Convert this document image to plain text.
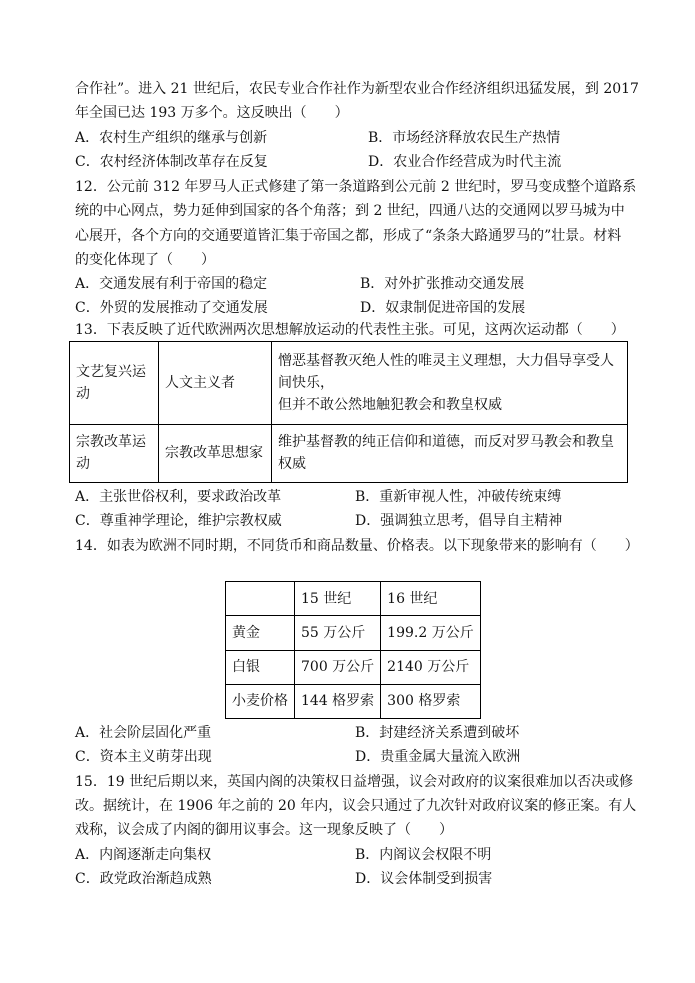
合作社”。进入 21 世纪后，农民专业合作社作为新型农业合作经济组织迅猛发展，到 2017
年全国已达 193 万多个。这反映出（　　）
A．农村生产组织的继承与创新	B．市场经济释放农民生产热情
C．农村经济体制改革存在反复	D．农业合作经营成为时代主流
12．公元前 312 年罗马人正式修建了第一条道路到公元前 2 世纪时，罗马变成整个道路系
统的中心网点，势力延伸到国家的各个角落；到 2 世纪，四通八达的交通网以罗马城为中
心展开，各个方向的交通要道皆汇集于帝国之都，形成了“条条大路通罗马的”壮景。材料
的变化体现了（　　）
A．交通发展有利于帝国的稳定	B．对外扩张推动交通发展
C．外贸的发展推动了交通发展	D．奴隶制促进帝国的发展
13．下表反映了近代欧洲两次思想解放运动的代表性主张。可见，这两次运动都（　　）
文艺复兴运动	人文主义者	憎恶基督教灭绝人性的唯灵主义理想，大力倡导享受人间快乐，
但并不敢公然地触犯教会和教皇权威

宗教改革运动	宗教改革思想家	维护基督教的纯正信仰和道德，而反对罗马教会和教皇权威
A．主张世俗权利，要求政治改革	B．重新审视人性，冲破传统束缚
C．尊重神学理论，维护宗教权威	D．强调独立思考，倡导自主精神
14．如表为欧洲不同时期，不同货币和商品数量、价格表。以下现象带来的影响有（　　）
	15 世纪	16 世纪
黄金	55 万公斤	199.2 万公斤
白银	700 万公斤	2140 万公斤
小麦价格	144 格罗索	300 格罗索
A．社会阶层固化严重	B．封建经济关系遭到破坏
C．资本主义萌芽出现	D．贵重金属大量流入欧洲
15．19 世纪后期以来，英国内阁的决策权日益增强，议会对政府的议案很难加以否决或修
改。据统计，在 1906 年之前的 20 年内，议会只通过了九次针对政府议案的修正案。有人
戏称，议会成了内阁的御用议事会。这一现象反映了（　　）
A．内阁逐渐走向集权	B．内阁议会权限不明
C．政党政治渐趋成熟	D．议会体制受到损害
